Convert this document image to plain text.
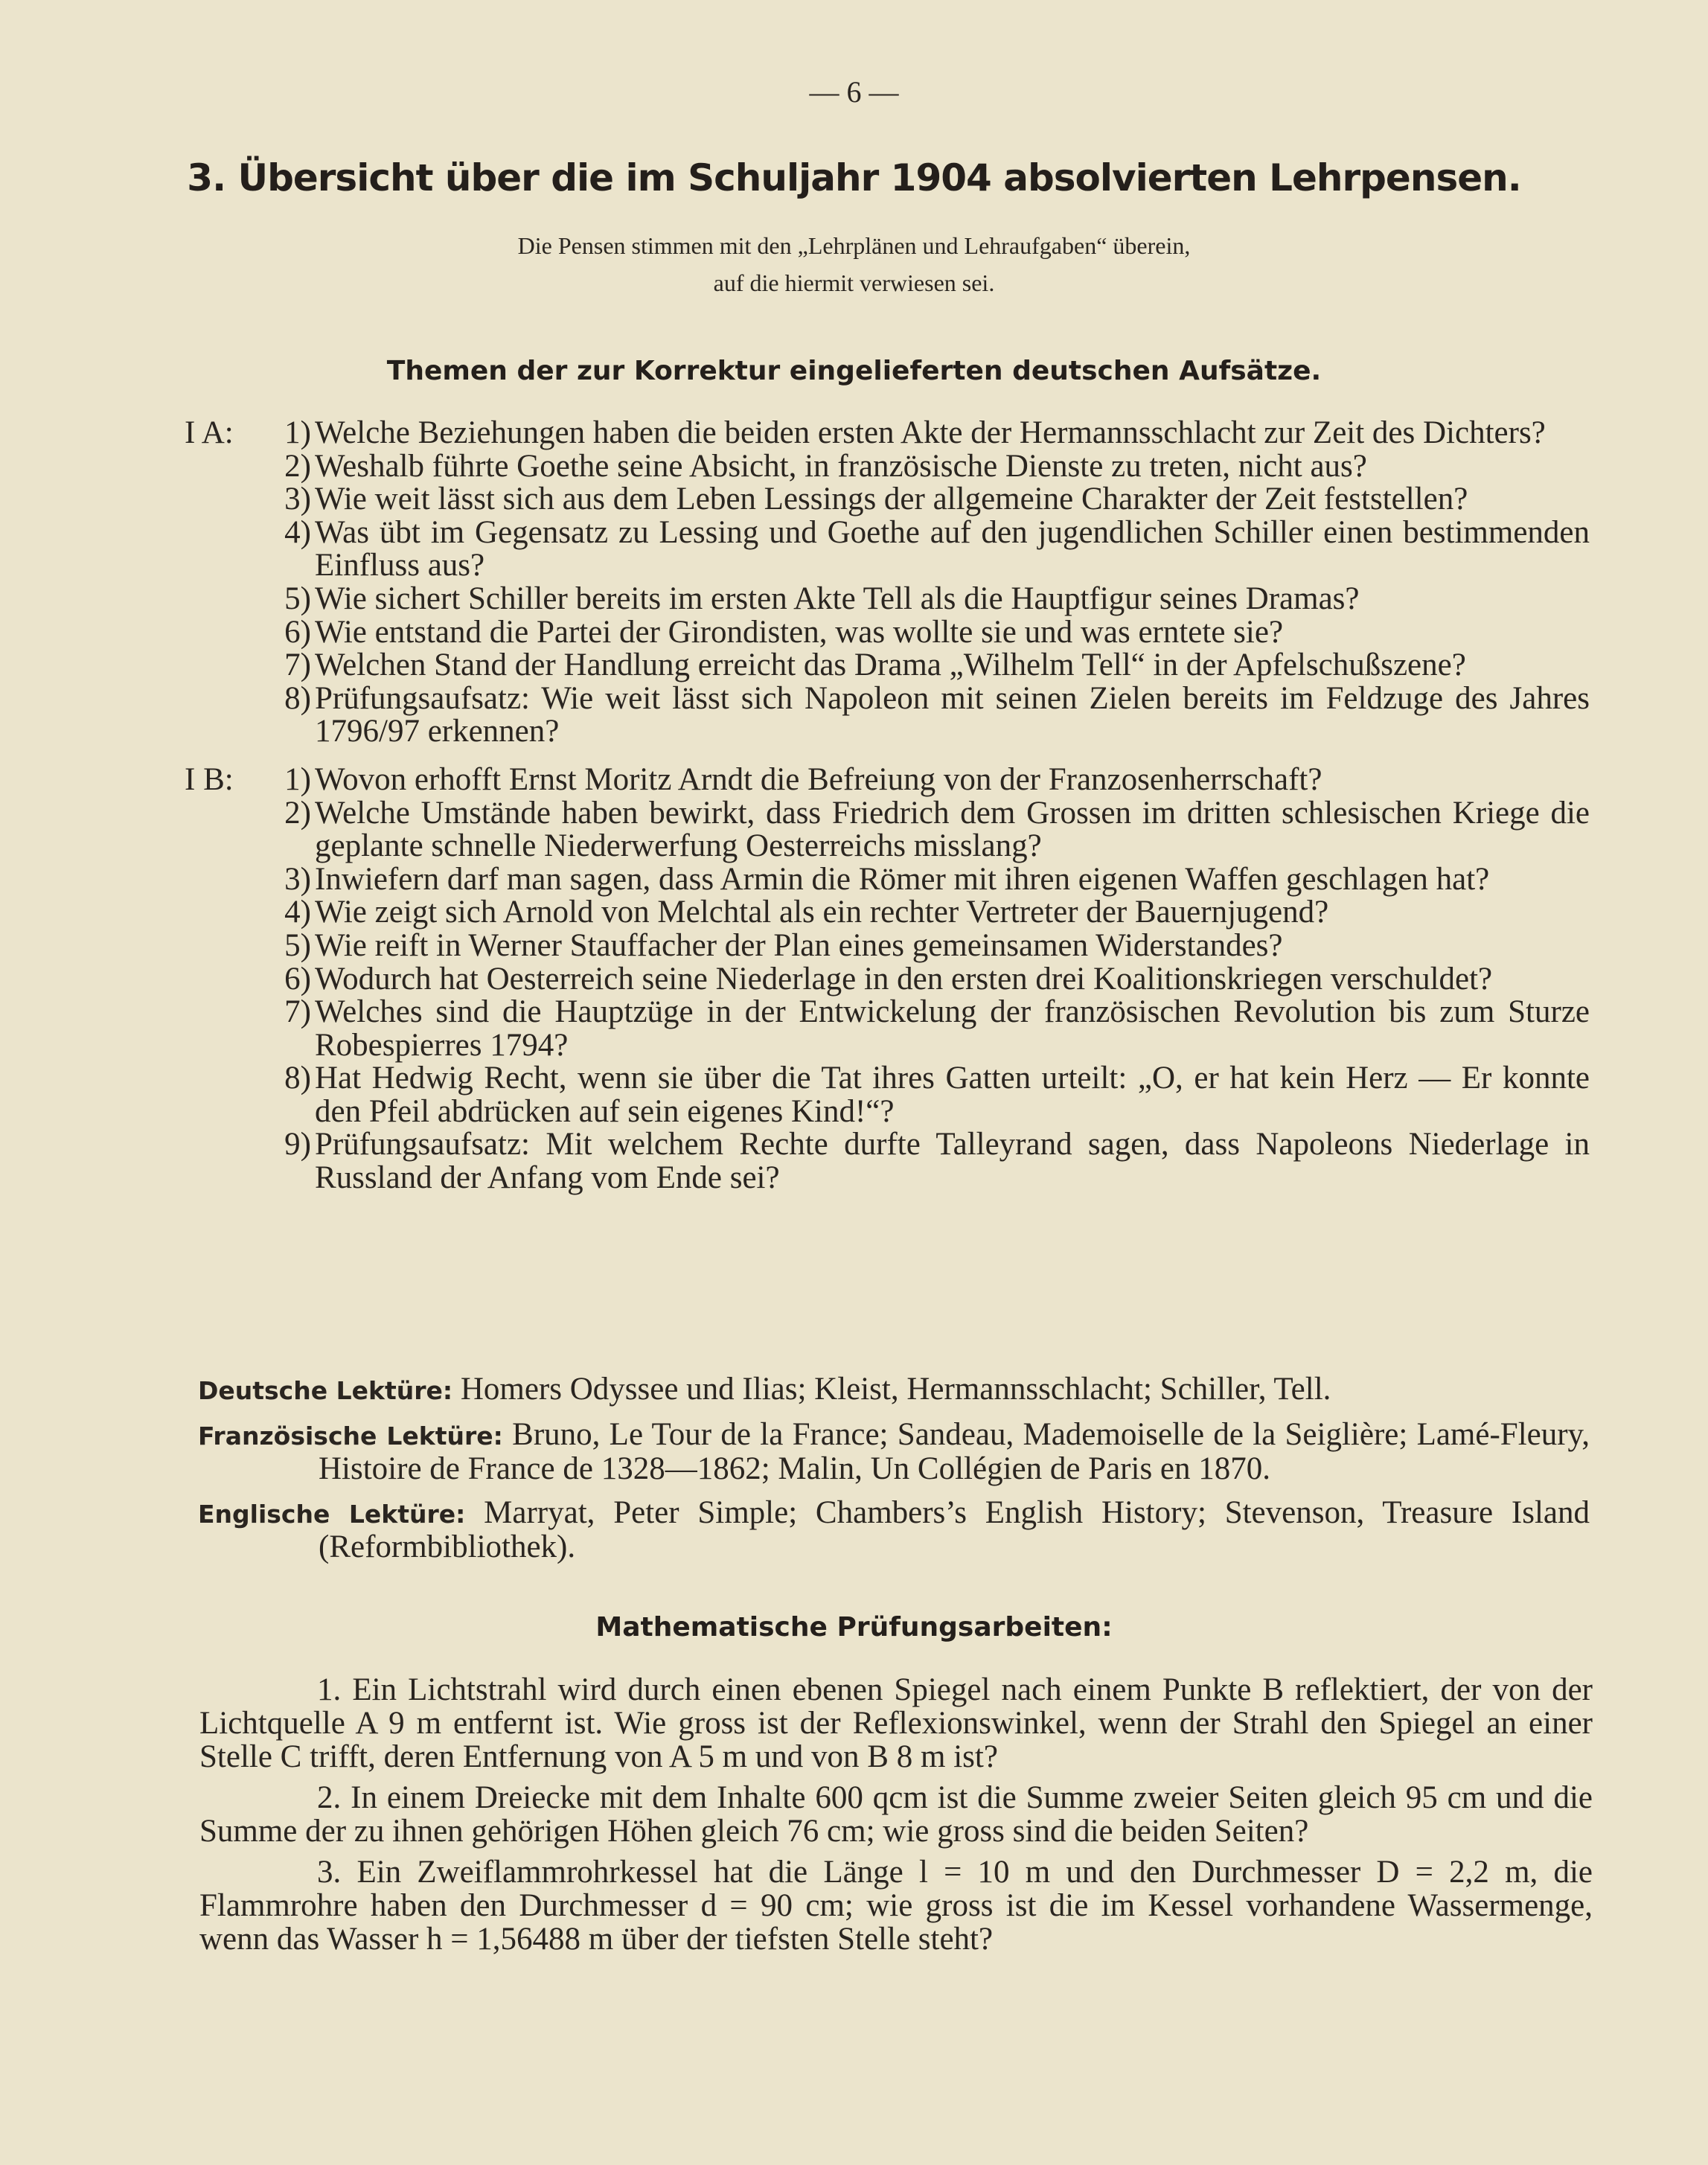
— 6 —
3. Übersicht über die im Schuljahr 1904 absolvierten Lehrpensen.
Die Pensen stimmen mit den „Lehrplänen und Lehraufgaben“ überein,
auf die hiermit verwiesen sei.
Themen der zur Korrektur eingelieferten deutschen Aufsätze.
I A: 1) Welche Beziehungen haben die beiden ersten Akte der Hermannsschlacht zur Zeit des Dichters?
2) Weshalb führte Goethe seine Absicht, in französische Dienste zu treten, nicht aus?
3) Wie weit lässt sich aus dem Leben Lessings der allgemeine Charakter der Zeit feststellen?
4) Was übt im Gegensatz zu Lessing und Goethe auf den jugendlichen Schiller einen bestimmenden Einfluss aus?
5) Wie sichert Schiller bereits im ersten Akte Tell als die Hauptfigur seines Dramas?
6) Wie entstand die Partei der Girondisten, was wollte sie und was erntete sie?
7) Welchen Stand der Handlung erreicht das Drama „Wilhelm Tell“ in der Apfelschußszene?
8) Prüfungsaufsatz: Wie weit lässt sich Napoleon mit seinen Zielen bereits im Feldzuge des Jahres 1796/97 erkennen?
I B: 1) Wovon erhofft Ernst Moritz Arndt die Befreiung von der Franzosenherrschaft?
2) Welche Umstände haben bewirkt, dass Friedrich dem Grossen im dritten schlesischen Kriege die geplante schnelle Niederwerfung Oesterreichs misslang?
3) Inwiefern darf man sagen, dass Armin die Römer mit ihren eigenen Waffen geschlagen hat?
4) Wie zeigt sich Arnold von Melchtal als ein rechter Vertreter der Bauernjugend?
5) Wie reift in Werner Stauffacher der Plan eines gemeinsamen Widerstandes?
6) Wodurch hat Oesterreich seine Niederlage in den ersten drei Koalitionskriegen verschuldet?
7) Welches sind die Hauptzüge in der Entwickelung der französischen Revolution bis zum Sturze Robespierres 1794?
8) Hat Hedwig Recht, wenn sie über die Tat ihres Gatten urteilt: „O, er hat kein Herz — Er konnte den Pfeil abdrücken auf sein eigenes Kind!“?
9) Prüfungsaufsatz: Mit welchem Rechte durfte Talleyrand sagen, dass Napoleons Niederlage in Russland der Anfang vom Ende sei?
Deutsche Lektüre: Homers Odyssee und Ilias; Kleist, Hermannsschlacht; Schiller, Tell.
Französische Lektüre: Bruno, Le Tour de la France; Sandeau, Mademoiselle de la Seiglière; Lamé-Fleury, Histoire de France de 1328—1862; Malin, Un Collégien de Paris en 1870.
Englische Lektüre: Marryat, Peter Simple; Chambers’s English History; Stevenson, Treasure Island (Reformbibliothek).
Mathematische Prüfungsarbeiten:
1. Ein Lichtstrahl wird durch einen ebenen Spiegel nach einem Punkte B reflektiert, der von der Lichtquelle A 9 m entfernt ist. Wie gross ist der Reflexionswinkel, wenn der Strahl den Spiegel an einer Stelle C trifft, deren Entfernung von A 5 m und von B 8 m ist?
2. In einem Dreiecke mit dem Inhalte 600 qcm ist die Summe zweier Seiten gleich 95 cm und die Summe der zu ihnen gehörigen Höhen gleich 76 cm; wie gross sind die beiden Seiten?
3. Ein Zweiflammrohrkessel hat die Länge l = 10 m und den Durchmesser D = 2,2 m, die Flammrohre haben den Durchmesser d = 90 cm; wie gross ist die im Kessel vorhandene Wassermenge, wenn das Wasser h = 1,56488 m über der tiefsten Stelle steht?
